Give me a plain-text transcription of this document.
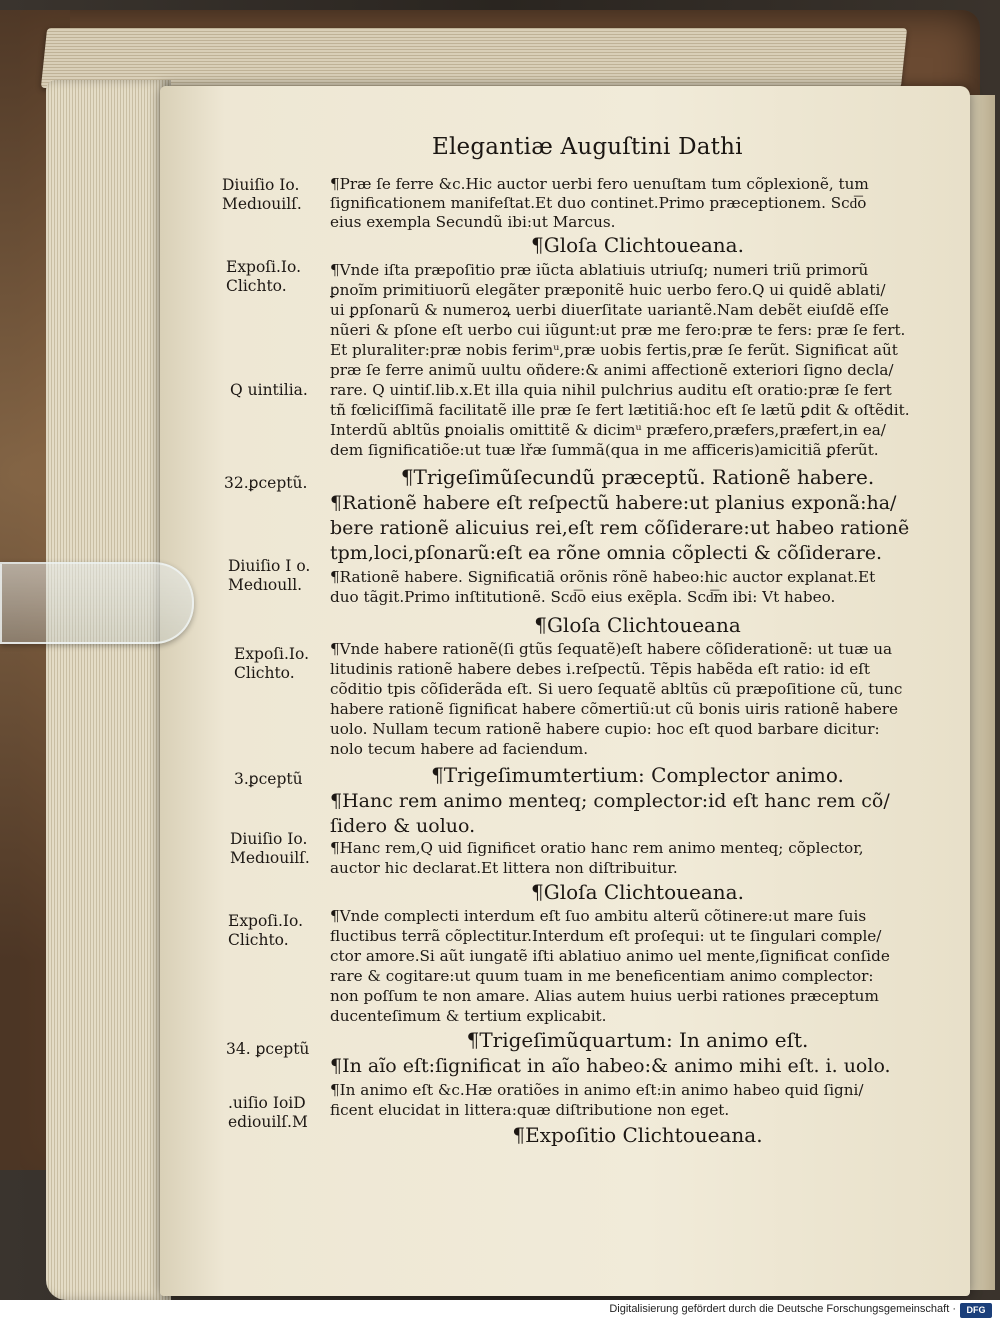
Elegantiæ Auguſtini Dathi
¶Præ ſe ferre &c.Hic auctor uerbi fero uenuſtam tum cõplexionẽ, tum
ſignificationem manifeſtat.Et duo continet.Primo præceptionem. Scd͞o
eius exempla Secundũ ibi:ut Marcus.
¶Gloſa Clichtoueana.
¶Vnde iſta præpoſitio præ iũcta ablatiuis utriuſq; numeri triũ primorũ
ꝑnoĩm primitiuorũ elegãter præponitẽ huic uerbo fero.Q ui quidẽ ablati/
ui ꝑpſonarũ & numeroꝝ uerbi diuerſitate uariantẽ.Nam debẽt eiuſdẽ eſſe
nũeri & pſone eſt uerbo cui iũgunt:ut præ me fero:præ te fers: præ ſe fert.
Et pluraliter:præ nobis ferimᵘ,præ uobis fertis,præ ſe ferũt. Significat aũt
præ ſe ferre animũ uultu oñdere:& animi affectionẽ exteriori ſigno decla/
rare. Q uintiſ.lib.x.Et illa quia nihil pulchrius auditu eſt oratio:præ ſe fert
tñ fœliciſſimã facilitatẽ ille præ ſe fert lætitiã:hoc eſt ſe lætũ ꝑdit & oſtẽdit.
Interdũ abltũs ꝑnoialis omittitẽ & dicimᵘ præfero,præfers,præfert,in ea/
dem ſignificatiõe:ut tuæ lřæ ſummã(qua in me afficeris)amicitiã ꝑferũt.
¶Trigeſimũſecundũ præceptũ. Rationẽ habere.
¶Rationẽ habere eſt reſpectũ habere:ut planius exponã:ha/
bere rationẽ alicuius rei,eſt rem cõſiderare:ut habeo rationẽ
tpm,loci,pſonarũ:eſt ea rõne omnia cõplecti & cõſiderare.
¶Rationẽ habere. Significatiã orõnis rõnẽ habeo:hic auctor explanat.Et
duo tãgit.Primo inſtitutionẽ. Scd͞o eius exẽpla. Scd͞m ibi: Vt habeo.
¶Gloſa Clichtoueana
¶Vnde habere rationẽ(ſi gtũs ſequatẽ)eſt habere cõſiderationẽ: ut tuæ ua
litudinis rationẽ habere debes i.reſpectũ. Tẽpis habẽda eſt ratio: id eſt
cõditio tpis cõſiderãda eſt. Si uero ſequatẽ abltũs cũ præpoſitione cũ, tunc
habere rationẽ ſignificat habere cõmertiũ:ut cũ bonis uiris rationẽ habere
uolo. Nullam tecum rationẽ habere cupio: hoc eſt quod barbare dicitur:
nolo tecum habere ad faciendum.
¶Trigeſimumtertium: Complector animo.
¶Hanc rem animo menteq; complector:id eſt hanc rem cõ/
ſidero & uoluo.
¶Hanc rem,Q uid ſignificet oratio hanc rem animo menteq; cõplector,
auctor hic declarat.Et littera non diſtribuitur.
¶Gloſa Clichtoueana.
¶Vnde complecti interdum eſt ſuo ambitu alterũ cõtinere:ut mare ſuis
fluctibus terrã cõplectitur.Interdum eſt proſequi: ut te ſingulari comple/
ctor amore.Si aũt iungatẽ iſti ablatiuo animo uel mente,ſignificat conſide
rare & cogitare:ut quum tuam in me beneficentiam animo complector:
non poſſum te non amare. Alias autem huius uerbi rationes præceptum
ducenteſimum & tertium explicabit.
¶Trigeſimũquartum: In animo eſt.
¶In aĩo eſt:ſignificat in aĩo habeo:& animo mihi eſt. i. uolo.
¶In animo eſt &c.Hæ oratiões in animo eſt:in animo habeo quid ſigni/
ficent elucidat in littera:quæ diſtributione non eget.
¶Expoſitio Clichtoueana.
Diuiſio Io.
Medıouilſ.
Expoſi.Io.
Clichto.
Q uintilia.
32.ꝑceptũ.
Diuiſio I o.
Medıoull.
Expoſi.Io.
Clichto.
3.ꝑceptũ
Diuiſio Io.
Medıouilſ.
Expoſi.Io.
Clichto.
34. ꝑceptũ
.uiſio IoiD
ediouilſ.M
Digitalisierung gefördert durch die Deutsche Forschungsgemeinschaft ·	DFG
